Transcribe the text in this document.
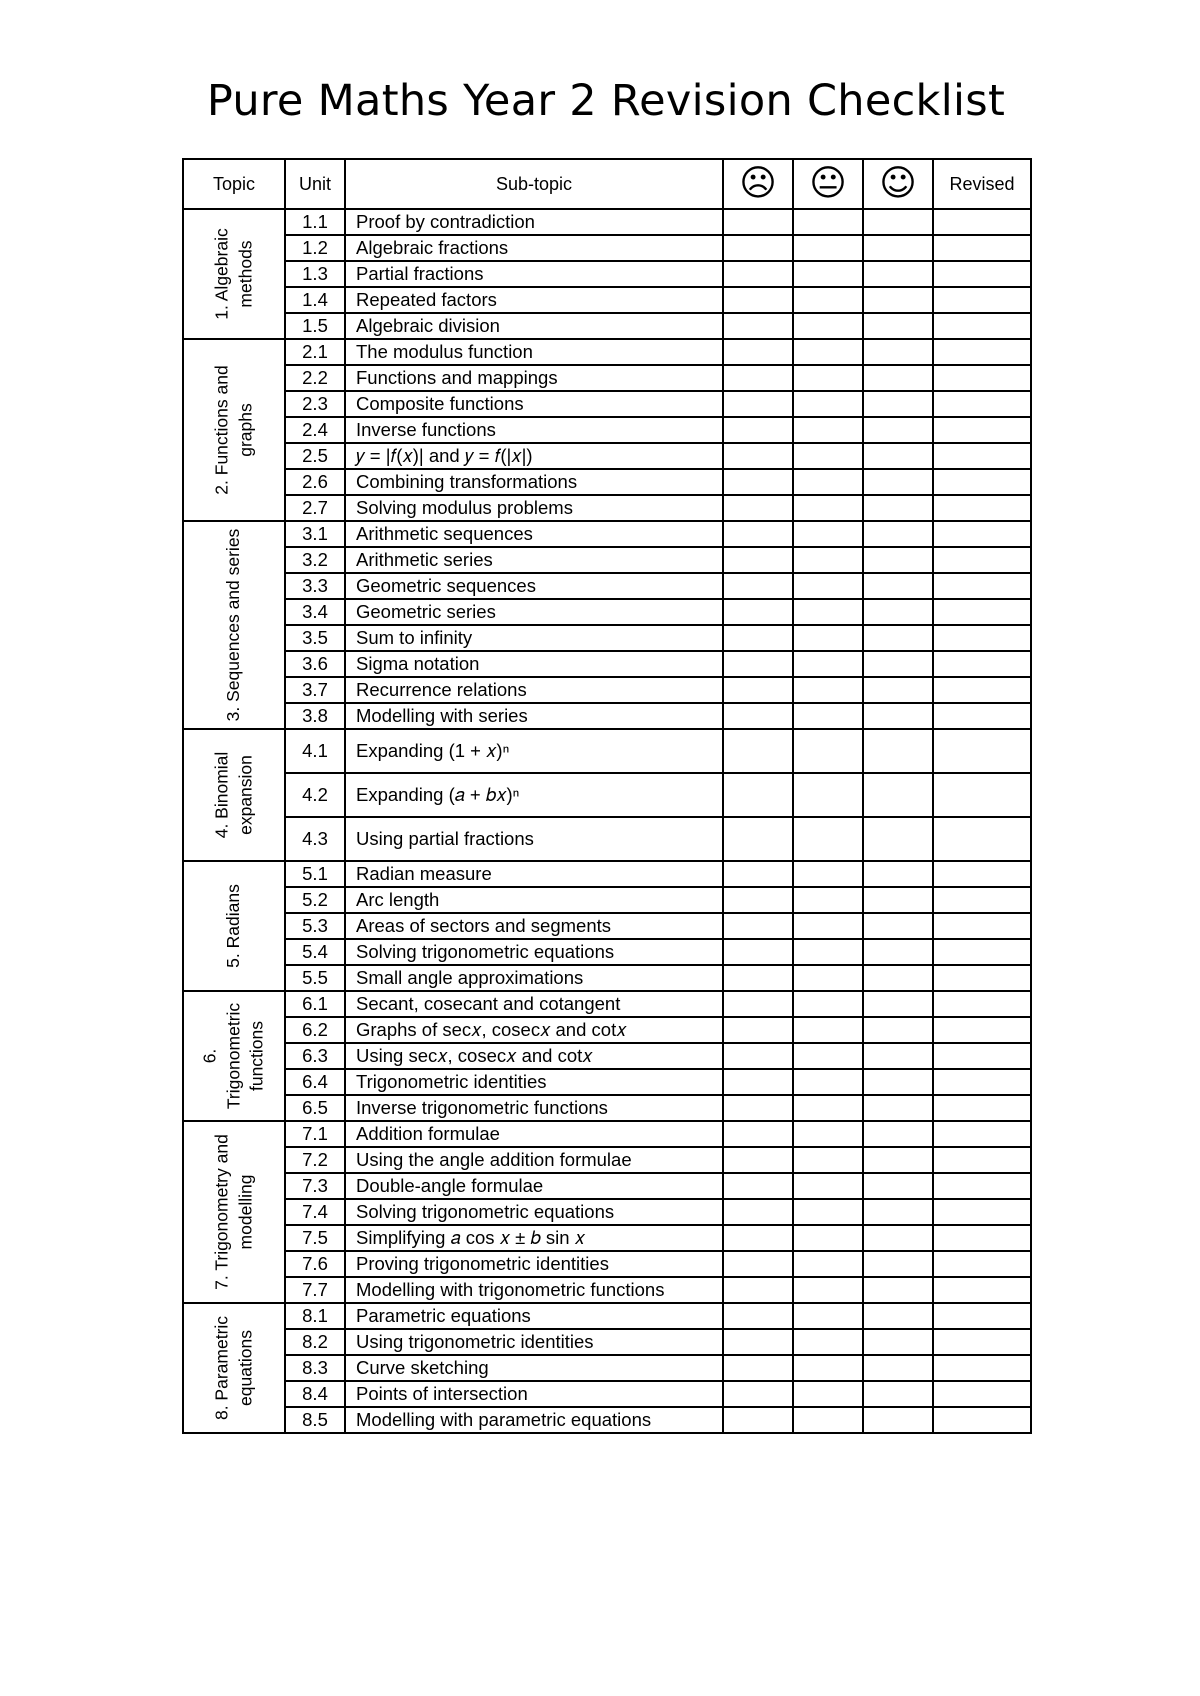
Pure Maths Year 2 Revision Checklist
Topic	Unit	Sub-topic	☹	😐	☺	Revised

1. Algebraic methods	1.1	Proof by contradiction				
	1.2	Algebraic fractions				
	1.3	Partial fractions				
	1.4	Repeated factors				
	1.5	Algebraic division				

2. Functions and graphs	2.1	The modulus function				
	2.2	Functions and mappings				
	2.3	Composite functions				
	2.4	Inverse functions				
	2.5	𝑦 = |𝑓(𝑥)| and 𝑦 = 𝑓(|𝑥|)				
	2.6	Combining transformations				
	2.7	Solving modulus problems				

3. Sequences and series	3.1	Arithmetic sequences				
	3.2	Arithmetic series				
	3.3	Geometric sequences				
	3.4	Geometric series				
	3.5	Sum to infinity				
	3.6	Sigma notation				
	3.7	Recurrence relations				
	3.8	Modelling with series				

4. Binomial expansion	4.1	Expanding (1 + 𝑥)ⁿ				
	4.2	Expanding (𝑎 + 𝑏𝑥)ⁿ				
	4.3	Using partial fractions				

5. Radians	5.1	Radian measure				
	5.2	Arc length				
	5.3	Areas of sectors and segments				
	5.4	Solving trigonometric equations				
	5.5	Small angle approximations				

6. Trigonometric functions	6.1	Secant, cosecant and cotangent				
	6.2	Graphs of sec𝑥, cosec𝑥 and cot𝑥				
	6.3	Using sec𝑥, cosec𝑥 and cot𝑥				
	6.4	Trigonometric identities				
	6.5	Inverse trigonometric functions				

7. Trigonometry and modelling	7.1	Addition formulae				
	7.2	Using the angle addition formulae				
	7.3	Double-angle formulae				
	7.4	Solving trigonometric equations				
	7.5	Simplifying 𝑎 cos 𝑥 ± 𝑏 sin 𝑥				
	7.6	Proving trigonometric identities				
	7.7	Modelling with trigonometric functions				

8. Parametric equations	8.1	Parametric equations				
	8.2	Using trigonometric identities				
	8.3	Curve sketching				
	8.4	Points of intersection				
	8.5	Modelling with parametric equations				
